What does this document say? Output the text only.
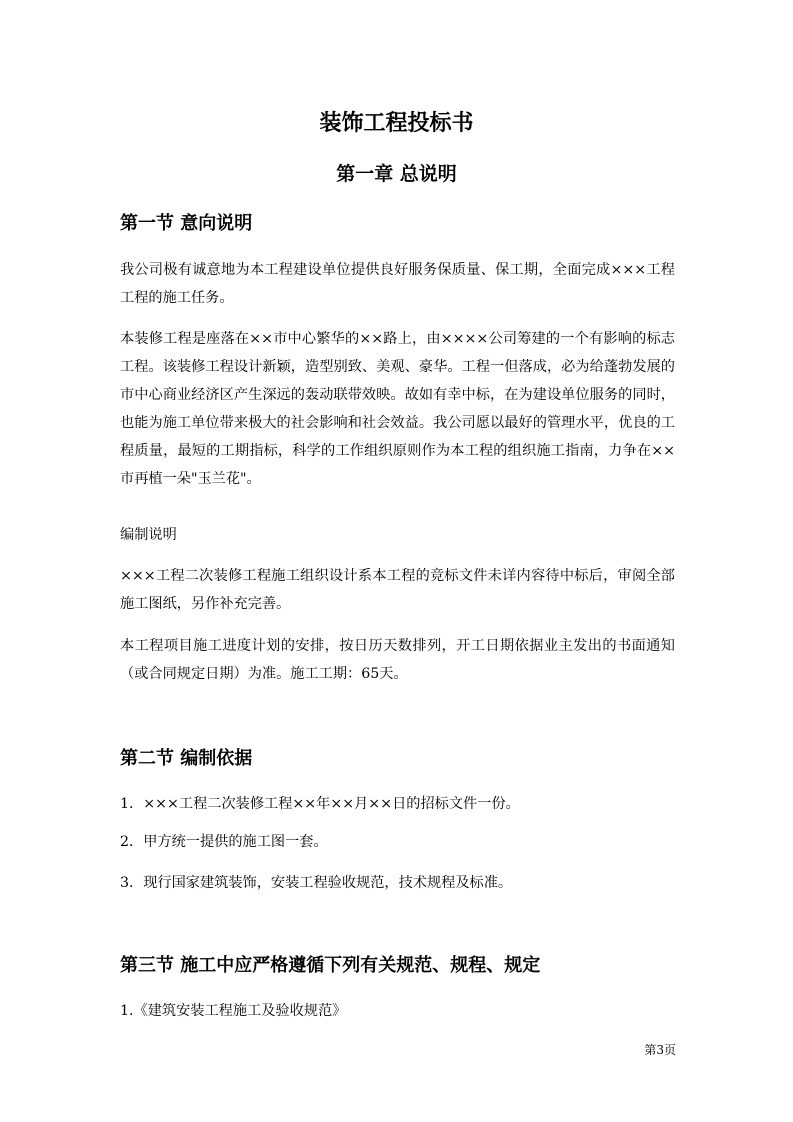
装饰工程投标书
第一章 总说明
第一节 意向说明
我公司极有诚意地为本工程建设单位提供良好服务保质量、保工期，全面完成×××工程工程的施工任务。
本装修工程是座落在××市中心繁华的××路上，由××××公司筹建的一个有影响的标志工程。该装修工程设计新颖，造型别致、美观、豪华。工程一但落成，必为给蓬勃发展的市中心商业经济区产生深远的轰动联带效映。故如有幸中标，在为建设单位服务的同时，也能为施工单位带来极大的社会影响和社会效益。我公司愿以最好的管理水平，优良的工程质量，最短的工期指标，科学的工作组织原则作为本工程的组织施工指南，力争在××市再植一朵"玉兰花"。
编制说明
×××工程二次装修工程施工组织设计系本工程的竞标文件未详内容待中标后，审阅全部施工图纸，另作补充完善。
本工程项目施工进度计划的安排，按日历天数排列，开工日期依据业主发出的书面通知（或合同规定日期）为准。施工工期：65天。
第二节 编制依据
1．×××工程二次装修工程××年××月××日的招标文件一份。
2．甲方统一提供的施工图一套。
3．现行国家建筑装饰，安装工程验收规范，技术规程及标准。
第三节 施工中应严格遵循下列有关规范、规程、规定
1.《建筑安装工程施工及验收规范》
第3页
